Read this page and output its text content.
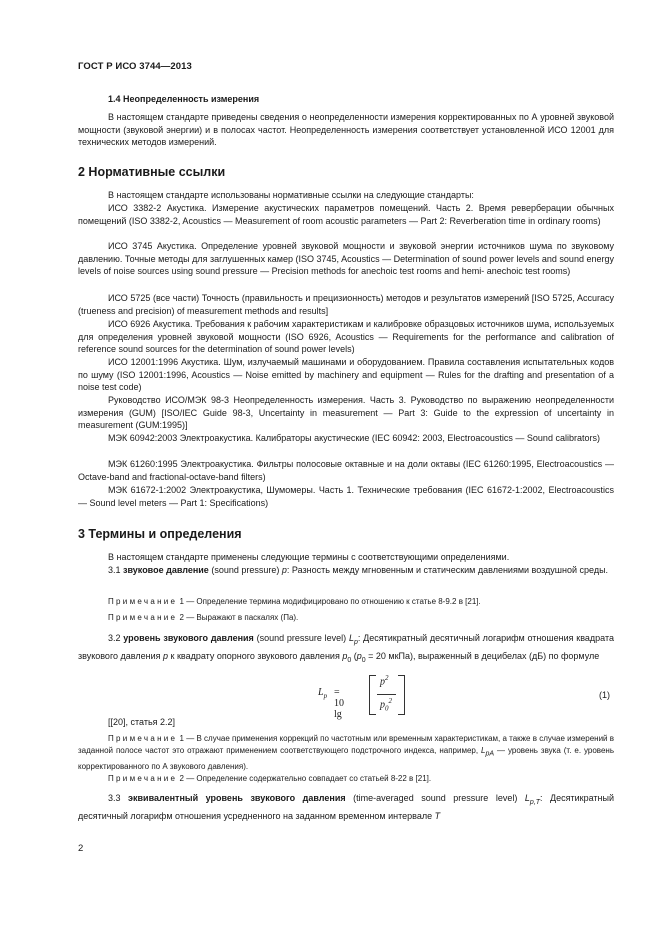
ГОСТ Р ИСО 3744—2013
1.4 Неопределенность измерения

В настоящем стандарте приведены сведения о неопределенности измерения корректированных по А уровней звуковой мощности (звуковой энергии) и в полосах частот. Неопределенность измерения соответствует установленной ИСО 12001 для технических методов измерений.

2 Нормативные ссылки

В настоящем стандарте использованы нормативные ссылки на следующие стандарты:

ИСО 3382-2 Акустика. Измерение акустических параметров помещений. Часть 2. Время реверберации обычных помещений (ISO 3382-2, Acoustics — Measurement of room acoustic parameters — Part 2: Reverberation time in ordinary rooms)

ИСО 3745 Акустика. Определение уровней звуковой мощности и звуковой энергии источников шума по звуковому давлению. Точные методы для заглушенных камер (ISO 3745, Acoustics — Determination of sound power levels and sound energy levels of noise sources using sound pressure — Precision methods for anechoic test rooms and hemi- anechoic test rooms)

ИСО 5725 (все части) Точность (правильность и прецизионность) методов и результатов измерений [ISO 5725, Accuracy (trueness and precision) of measurement methods and results]

ИСО 6926 Акустика. Требования к рабочим характеристикам и калибровке образцовых источников шума, используемых для определения уровней звуковой мощности (ISO 6926, Acoustics — Requirements for the performance and calibration of reference sound sources for the determination of sound power levels)

ИСО 12001:1996 Акустика. Шум, излучаемый машинами и оборудованием. Правила составления испытательных кодов по шуму (ISO 12001:1996, Acoustics — Noise emitted by machinery and equipment — Rules for the drafting and presentation of a noise test code)

Руководство ИСО/МЭК 98-3 Неопределенность измерения. Часть 3. Руководство по выражению неопределенности измерения (GUM) [ISO/IEC Guide 98-3, Uncertainty in measurement — Part 3: Guide to the expression of uncertainty in measurement (GUM:1995)]

МЭК 60942:2003 Электроакустика. Калибраторы акустические (IEC 60942: 2003, Electroacoustics — Sound calibrators)

МЭК 61260:1995 Электроакустика. Фильтры полосовые октавные и на доли октавы (IEC 61260:1995, Electroacoustics — Octave-band and fractional-octave-band filters)

МЭК 61672-1:2002 Электроакустика, Шумомеры. Часть 1. Технические требования (IEC 61672-1:2002, Electroacoustics — Sound level meters — Part 1: Specifications)

3 Термины и определения

В настоящем стандарте применены следующие термины с соответствующими определениями.

3.1 звуковое давление (sound pressure) p: Разность между мгновенным и статическим давлениями воздушной среды.

Примечание 1 — Определение термина модифицировано по отношению к статье 8-9.2 в [21].

Примечание 2 — Выражают в паскалях (Па).

3.2 уровень звукового давления (sound pressure level) $L_p$: Десятикратный десятичный логарифм отношения квадрата звукового давления p к квадрату опорного звукового давления $p_0$ ($p_0 = 20$ мкПа), выраженный в децибелах (дБ) по формуле

$L_p = 10$ lg
$p^2$
$p_0^2$
(1)

[[20], статья 2.2]

Примечание 1 — В случае применения коррекций по частотным или временным характеристикам, а также в случае измерений в заданной полосе частот это отражают применением соответствующего подстрочного индекса, например, $L_{pA}$ — уровень звука (т. е. уровень корректированного по А звукового давления).

Примечание 2 — Определение содержательно совпадает со статьей 8-22 в [21].

3.3 эквивалентный уровень звукового давления (time-averaged sound pressure level) $L_{p,T}$: Десятикратный десятичный логарифм отношения усредненного на заданном временном интервале T

2
